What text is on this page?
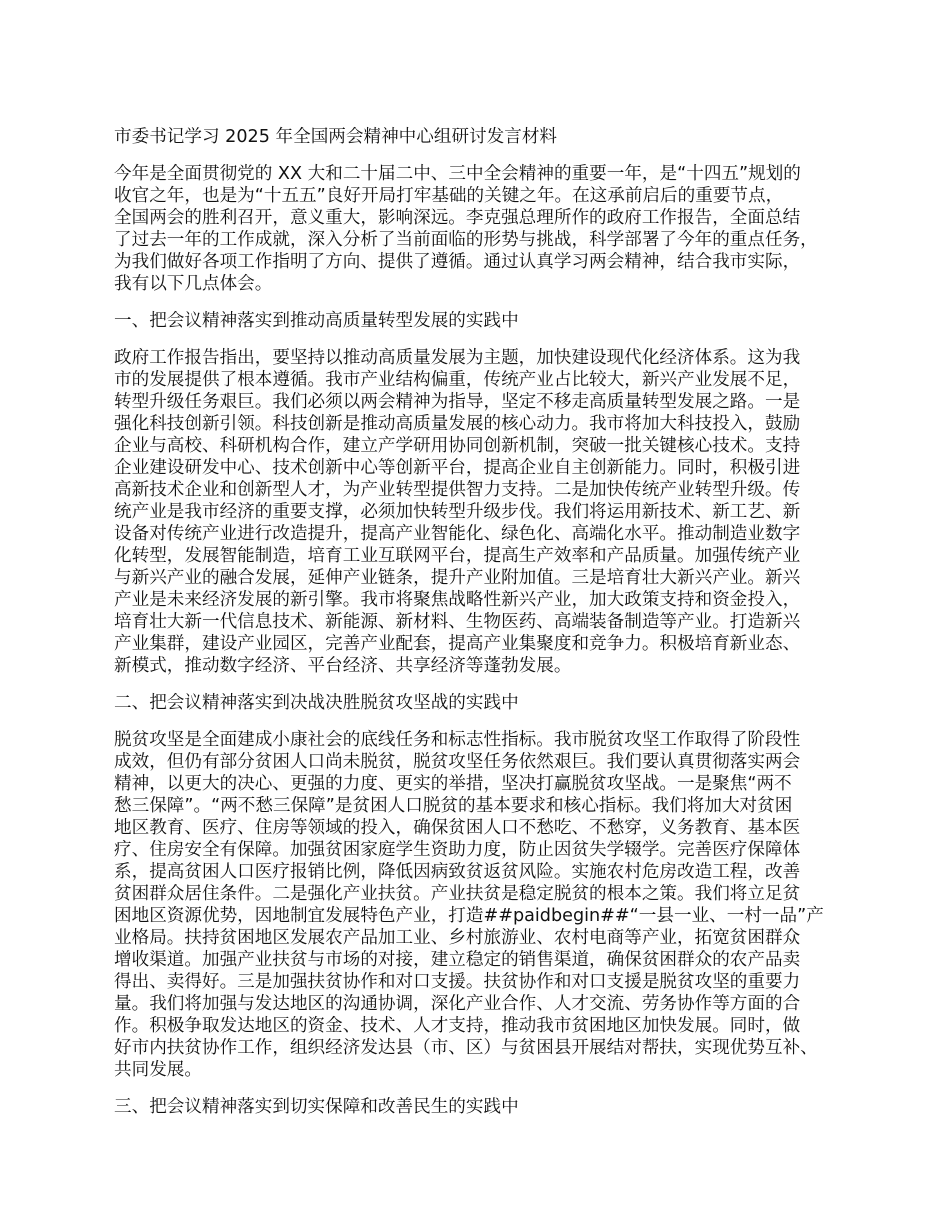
市委书记学习 2025 年全国两会精神中心组研讨发言材料
今年是全面贯彻党的 XX 大和二十届二中、三中全会精神的重要一年，是“十四五”规划的
收官之年，也是为“十五五”良好开局打牢基础的关键之年。在这承前启后的重要节点，
全国两会的胜利召开，意义重大，影响深远。李克强总理所作的政府工作报告，全面总结
了过去一年的工作成就，深入分析了当前面临的形势与挑战，科学部署了今年的重点任务，
为我们做好各项工作指明了方向、提供了遵循。通过认真学习两会精神，结合我市实际，
我有以下几点体会。
一、把会议精神落实到推动高质量转型发展的实践中
政府工作报告指出，要坚持以推动高质量发展为主题，加快建设现代化经济体系。这为我
市的发展提供了根本遵循。我市产业结构偏重，传统产业占比较大，新兴产业发展不足，
转型升级任务艰巨。我们必须以两会精神为指导，坚定不移走高质量转型发展之路。一是
强化科技创新引领。科技创新是推动高质量发展的核心动力。我市将加大科技投入，鼓励
企业与高校、科研机构合作，建立产学研用协同创新机制，突破一批关键核心技术。支持
企业建设研发中心、技术创新中心等创新平台，提高企业自主创新能力。同时，积极引进
高新技术企业和创新型人才，为产业转型提供智力支持。二是加快传统产业转型升级。传
统产业是我市经济的重要支撑，必须加快转型升级步伐。我们将运用新技术、新工艺、新
设备对传统产业进行改造提升，提高产业智能化、绿色化、高端化水平。推动制造业数字
化转型，发展智能制造，培育工业互联网平台，提高生产效率和产品质量。加强传统产业
与新兴产业的融合发展，延伸产业链条，提升产业附加值。三是培育壮大新兴产业。新兴
产业是未来经济发展的新引擎。我市将聚焦战略性新兴产业，加大政策支持和资金投入，
培育壮大新一代信息技术、新能源、新材料、生物医药、高端装备制造等产业。打造新兴
产业集群，建设产业园区，完善产业配套，提高产业集聚度和竞争力。积极培育新业态、
新模式，推动数字经济、平台经济、共享经济等蓬勃发展。
二、把会议精神落实到决战决胜脱贫攻坚战的实践中
脱贫攻坚是全面建成小康社会的底线任务和标志性指标。我市脱贫攻坚工作取得了阶段性
成效，但仍有部分贫困人口尚未脱贫，脱贫攻坚任务依然艰巨。我们要认真贯彻落实两会
精神，以更大的决心、更强的力度、更实的举措，坚决打赢脱贫攻坚战。一是聚焦“两不
愁三保障”。“两不愁三保障”是贫困人口脱贫的基本要求和核心指标。我们将加大对贫困
地区教育、医疗、住房等领域的投入，确保贫困人口不愁吃、不愁穿，义务教育、基本医
疗、住房安全有保障。加强贫困家庭学生资助力度，防止因贫失学辍学。完善医疗保障体
系，提高贫困人口医疗报销比例，降低因病致贫返贫风险。实施农村危房改造工程，改善
贫困群众居住条件。二是强化产业扶贫。产业扶贫是稳定脱贫的根本之策。我们将立足贫
困地区资源优势，因地制宜发展特色产业，打造##paidbegin##“一县一业、一村一品”产
业格局。扶持贫困地区发展农产品加工业、乡村旅游业、农村电商等产业，拓宽贫困群众
增收渠道。加强产业扶贫与市场的对接，建立稳定的销售渠道，确保贫困群众的农产品卖
得出、卖得好。三是加强扶贫协作和对口支援。扶贫协作和对口支援是脱贫攻坚的重要力
量。我们将加强与发达地区的沟通协调，深化产业合作、人才交流、劳务协作等方面的合
作。积极争取发达地区的资金、技术、人才支持，推动我市贫困地区加快发展。同时，做
好市内扶贫协作工作，组织经济发达县（市、区）与贫困县开展结对帮扶，实现优势互补、
共同发展。
三、把会议精神落实到切实保障和改善民生的实践中
